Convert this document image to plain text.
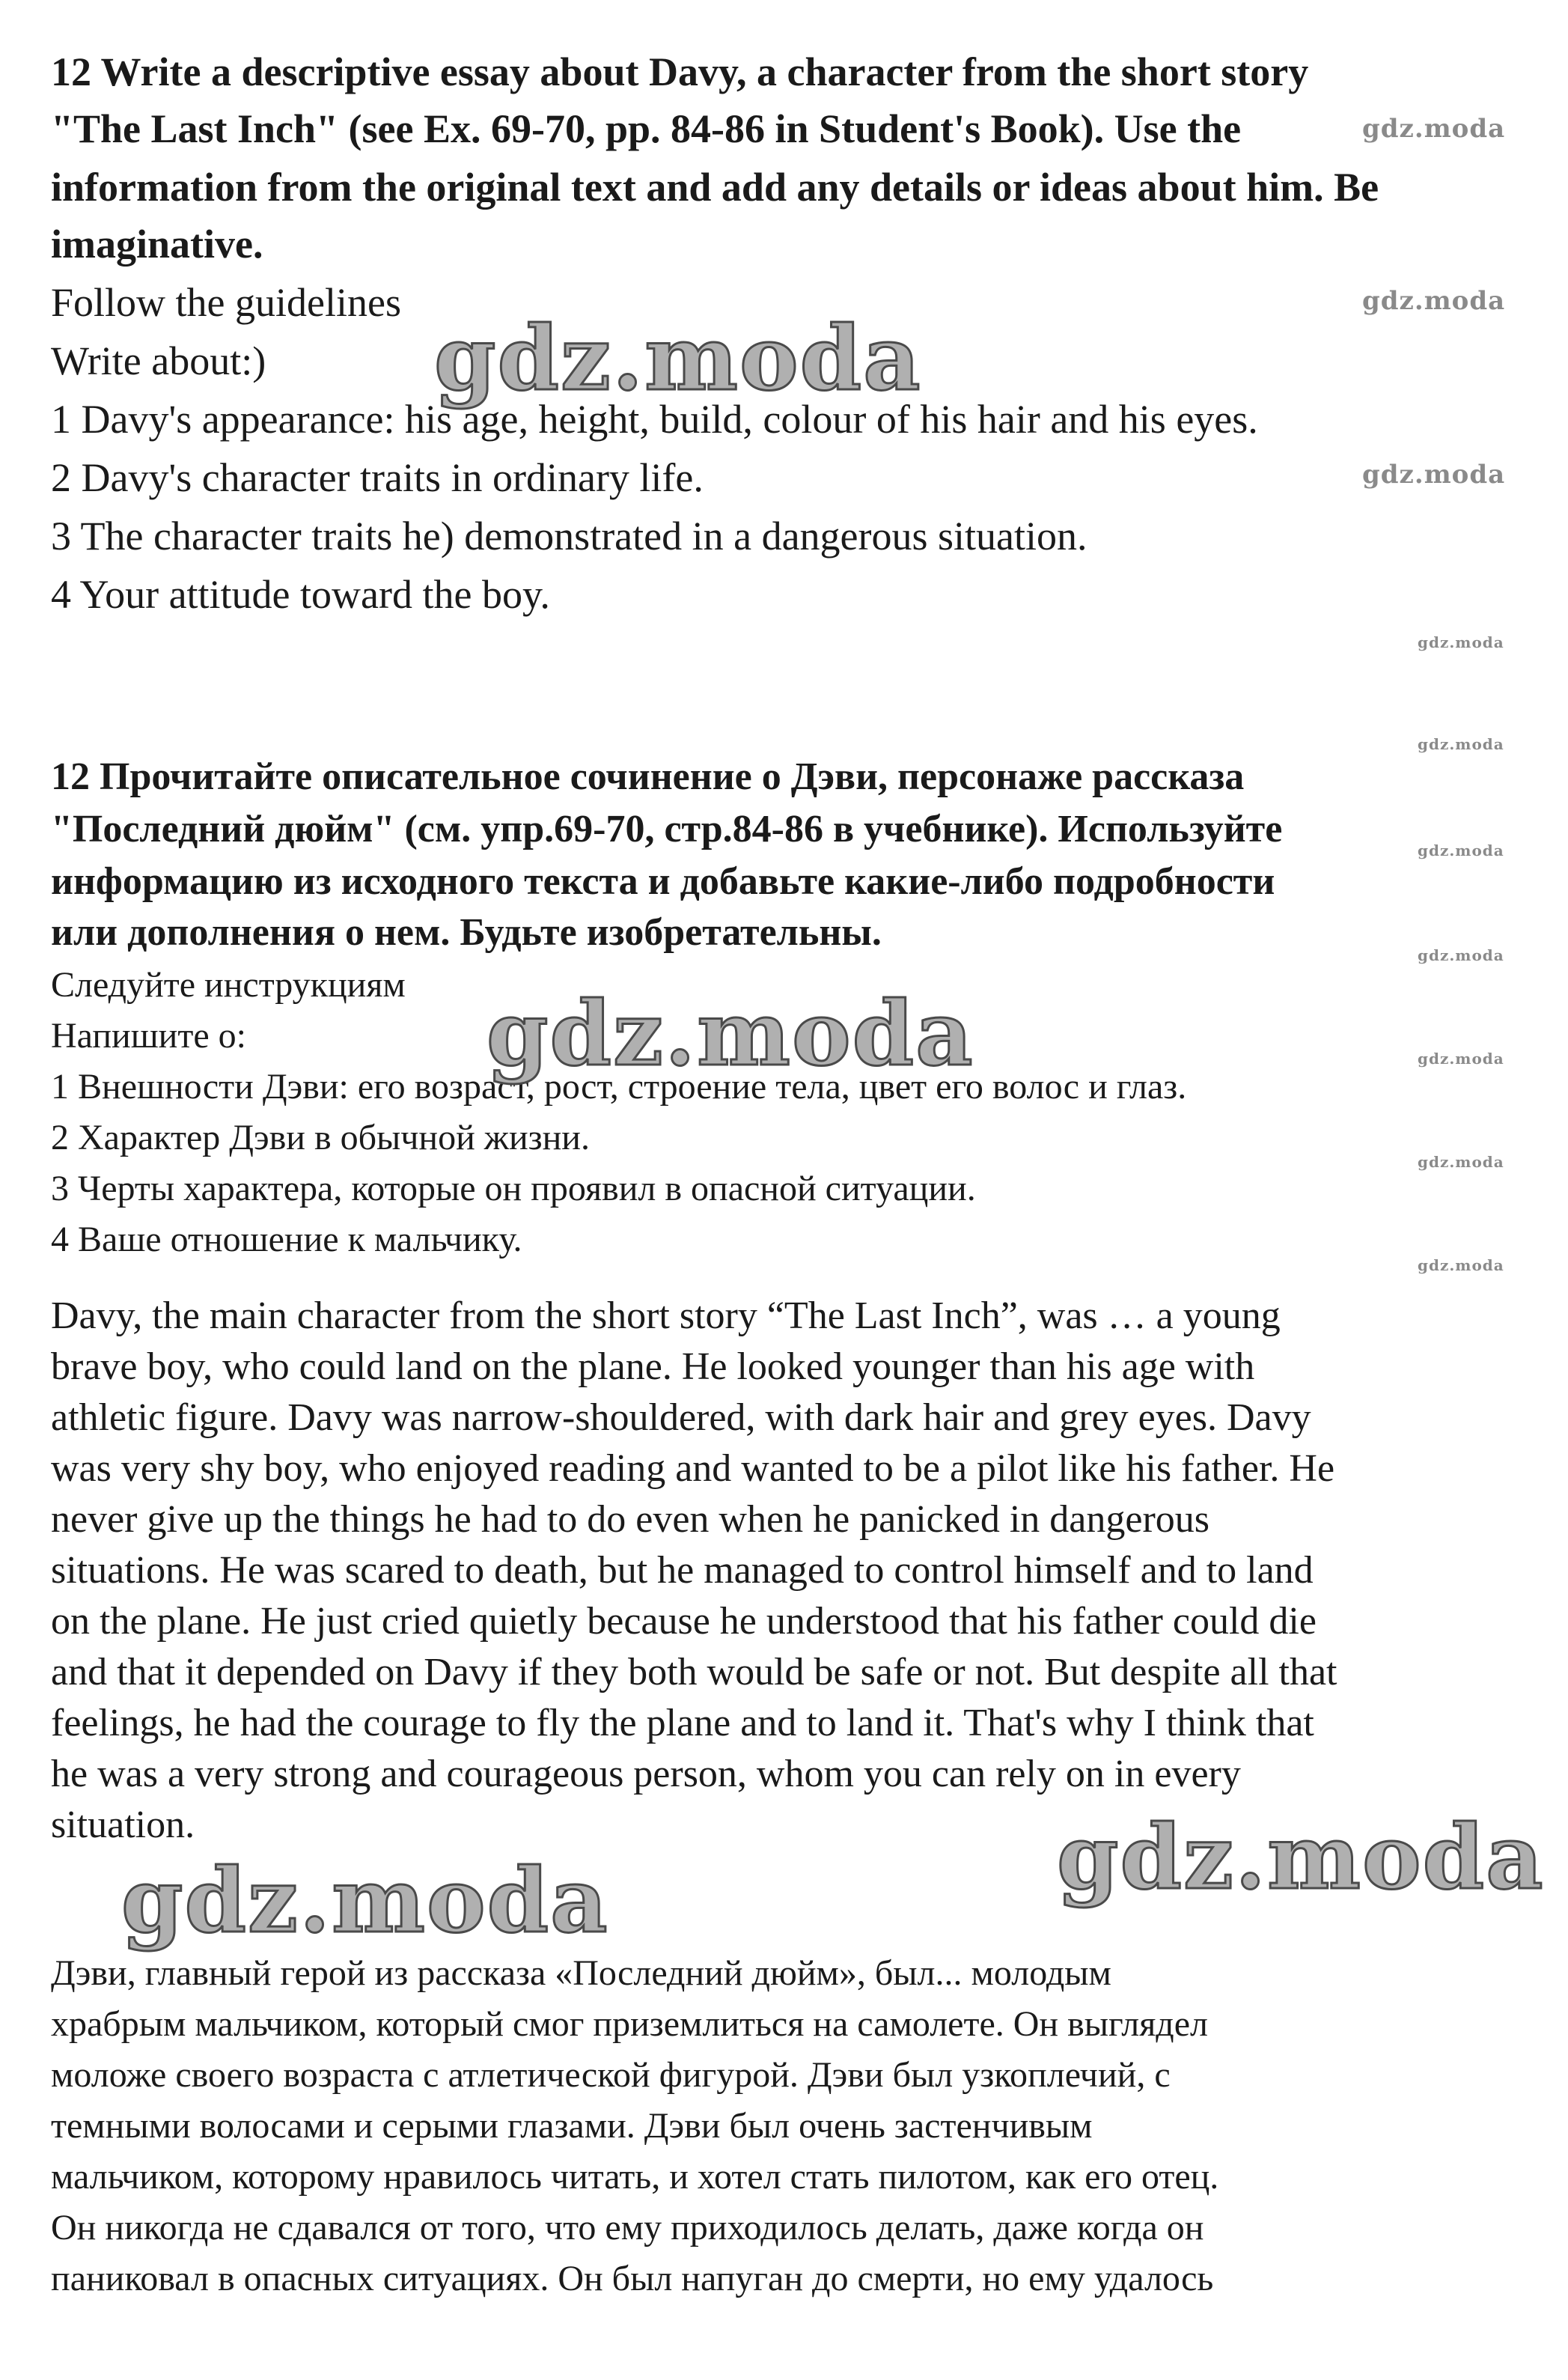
12 Write a descriptive essay about Davy, a character from the short story
"The Last Inch" (see Ex. 69-70, pp. 84-86 in Student's Book). Use the
information from the original text and add any details or ideas about him. Be
imaginative.
Follow the guidelines
Write about:)
1 Davy's appearance: his age, height, build, colour of his hair and his eyes.
2 Davy's character traits in ordinary life.
3 The character traits he) demonstrated in a dangerous situation.
4 Your attitude toward the boy.
12 Прочитайте описательное сочинение о Дэви, персонаже рассказа
"Последний дюйм" (см. упр.69-70, стр.84-86 в учебнике). Используйте
информацию из исходного текста и добавьте какие-либо подробности
или дополнения о нем. Будьте изобретательны.
Следуйте инструкциям
Напишите о:
1 Внешности Дэви: его возраст, рост, строение тела, цвет его волос и глаз.
2 Характер Дэви в обычной жизни.
3 Черты характера, которые он проявил в опасной ситуации.
4 Ваше отношение к мальчику.
Davy, the main character from the short story “The Last Inch”, was … a young
brave boy, who could land on the plane. He looked younger than his age with
athletic figure. Davy was narrow-shouldered, with dark hair and grey eyes. Davy
was very shy boy, who enjoyed reading and wanted to be a pilot like his father. He
never give up the things he had to do even when he panicked in dangerous
situations. He was scared to death, but he managed to control himself and to land
on the plane. He just cried quietly because he understood that his father could die
and that it depended on Davy if they both would be safe or not. But despite all that
feelings, he had the courage to fly the plane and to land it. That's why I think that
he was a very strong and courageous person, whom you can rely on in every
situation.
Дэви, главный герой из рассказа «Последний дюйм», был... молодым
храбрым мальчиком, который смог приземлиться на самолете. Он выглядел
моложе своего возраста с атлетической фигурой. Дэви был узкоплечий, с
темными волосами и серыми глазами. Дэви был очень застенчивым
мальчиком, которому нравилось читать, и хотел стать пилотом, как его отец.
Он никогда не сдавался от того, что ему приходилось делать, даже когда он
паниковал в опасных ситуациях. Он был напуган до смерти, но ему удалось
gdz.moda
gdz.moda
gdz.moda
gdz.moda
gdz.moda
gdz.moda
gdz.moda
gdz.moda
gdz.moda
gdz.moda
gdz.moda
gdz.moda
gdz.moda
gdz.moda
